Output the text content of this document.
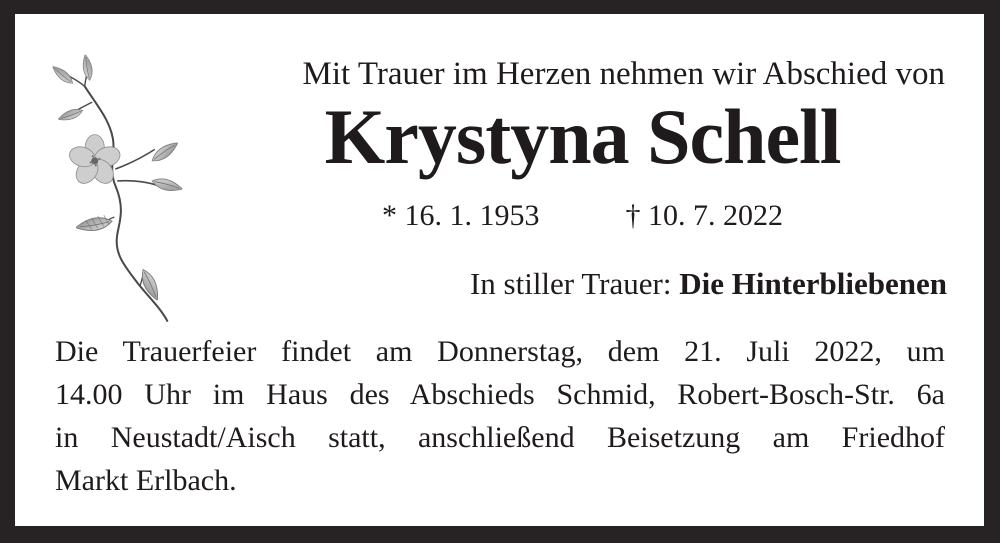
Mit Trauer im Herzen nehmen wir Abschied von
Krystyna Schell
* 16. 1. 1953	† 10. 7. 2022
In stiller Trauer: Die Hinterbliebenen
Die Trauerfeier findet am Donnerstag, dem 21. Juli 2022, um
14.00 Uhr im Haus des Abschieds Schmid, Robert-Bosch-Str. 6a
in Neustadt/Aisch statt, anschließend Beisetzung am Friedhof
Markt Erlbach.
